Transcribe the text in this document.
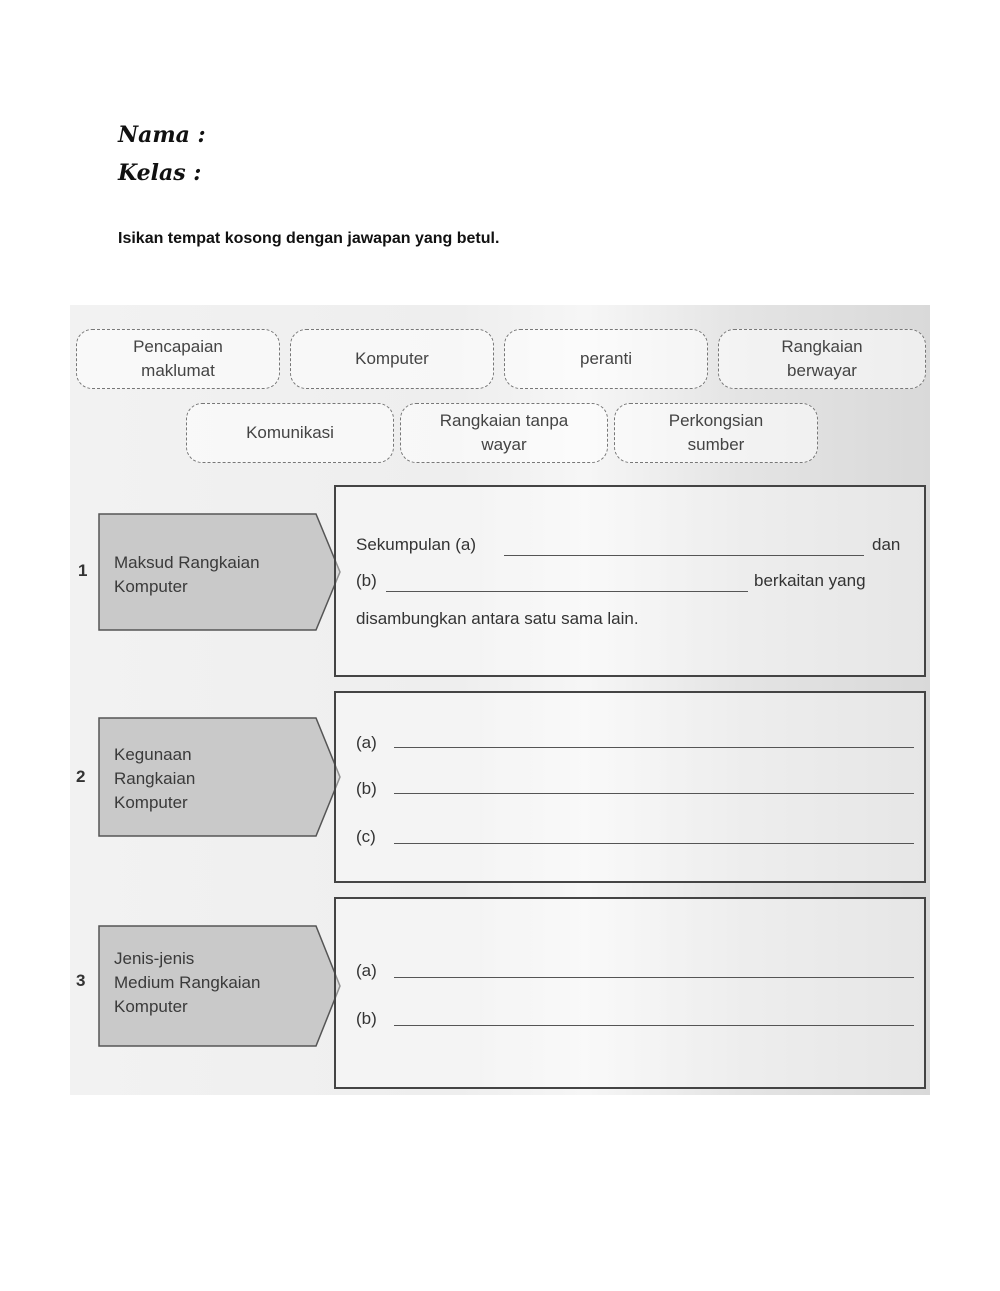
Nama :
Kelas :
Isikan tempat kosong dengan jawapan yang betul.
Pencapaian
maklumat
Komputer	peranti
Rangkaian
berwayar
Komunikasi
Rangkaian tanpa
wayar
Perkongsian
sumber
1 Maksud Rangkaian
Komputer
Sekumpulan (a)	dan
(b)	berkaitan yang
disambungkan antara satu sama lain.
2
Kegunaan
Rangkaian
Komputer
(a)
(b)
(c)
3
Jenis-jenis
Medium Rangkaian
Komputer
(a)
(b)
